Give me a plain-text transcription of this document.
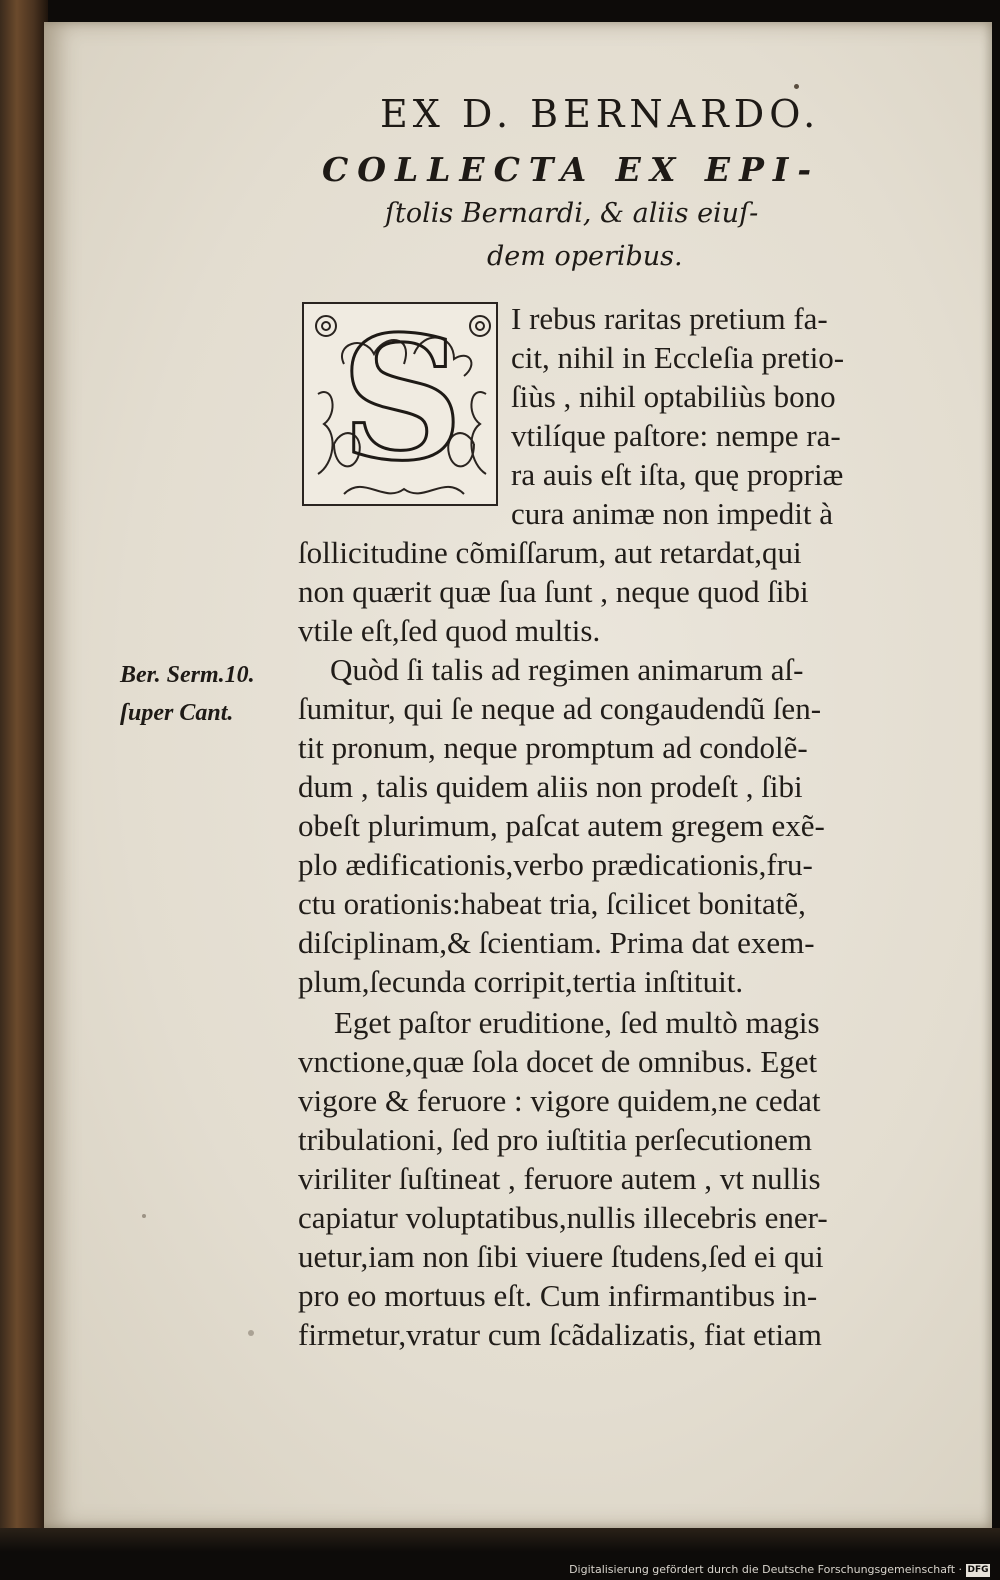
EX D. BERNARDO.
COLLECTA EX EPI-
ſtolis Bernardi, & aliis eiuſ-
dem operibus.
S	I rebus raritas pretium fa-
cit, nihil in Eccleſia pretio-
ſiùs , nihil optabiliùs bono
vtilíque paſtore: nempe ra-
ra auis eſt iſta, quę propriæ
cura animæ non impedit à
ſollicitudine cõmiſſarum, aut retardat,qui
non quærit quæ ſua ſunt , neque quod ſibi
vtile eſt,ſed quod multis.
Ber. Serm.10.
ſuper Cant.
Quòd ſi talis ad regimen animarum aſ-
ſumitur, qui ſe neque ad congaudendũ ſen-
tit pronum, neque promptum ad condolẽ-
dum , talis quidem aliis non prodeſt , ſibi
obeſt plurimum, paſcat autem gregem exẽ-
plo ædificationis,verbo prædicationis,fru-
ctu orationis:habeat tria, ſcilicet bonitatẽ,
diſciplinam,& ſcientiam. Prima dat exem-
plum,ſecunda corripit,tertia inſtituit.
Eget paſtor eruditione, ſed multò magis
vnctione,quæ ſola docet de omnibus. Eget
vigore & feruore : vigore quidem,ne cedat
tribulationi, ſed pro iuſtitia perſecutionem
viriliter ſuſtineat , feruore autem , vt nullis
capiatur voluptatibus,nullis illecebris ener-
uetur,iam non ſibi viuere ſtudens,ſed ei qui
pro eo mortuus eſt. Cum infirmantibus in-
firmetur,vratur cum ſcãdalizatis, fiat etiam
Digitalisierung gefördert durch die Deutsche Forschungsgemeinschaft · DFG
